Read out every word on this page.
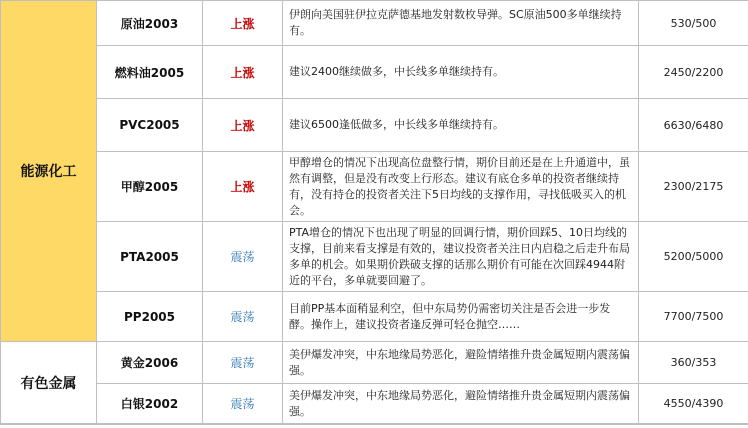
能源化工	原油2003	上涨	伊朗向美国驻伊拉克萨德基地发射数枚导弹。SC原油500多单继续持有。	530/500
	燃料油2005	上涨	建议2400继续做多，中长线多单继续持有。	2450/2200
	PVC2005	上涨	建议6500逢低做多，中长线多单继续持有。	6630/6480
	甲醇2005	上涨	甲醇增仓的情况下出现高位盘整行情，期价目前还是在上升通道中，虽然有调整，但是没有改变上行形态。建议有底仓多单的投资者继续持有，没有持仓的投资者关注下5日均线的支撑作用，寻找低吸买入的机会。	2300/2175
	PTA2005	震荡	PTA增仓的情况下也出现了明显的回调行情，期价回踩5、10日均线的支撑，目前来看支撑是有效的，建议投资者关注日内启稳之后走升布局多单的机会。如果期价跌破支撑的话那么期价有可能在次回踩4944附近的平台，多单就要回避了。	5200/5000
	PP2005	震荡	目前PP基本面稍显利空，但中东局势仍需密切关注是否会进一步发酵。操作上，建议投资者逢反弹可轻仓抛空……	7700/7500
有色金属	黄金2006	震荡	美伊爆发冲突，中东地缘局势恶化，避险情绪推升贵金属短期内震荡偏强。	360/353
	白银2002	震荡	美伊爆发冲突，中东地缘局势恶化，避险情绪推升贵金属短期内震荡偏强。	4550/4390
